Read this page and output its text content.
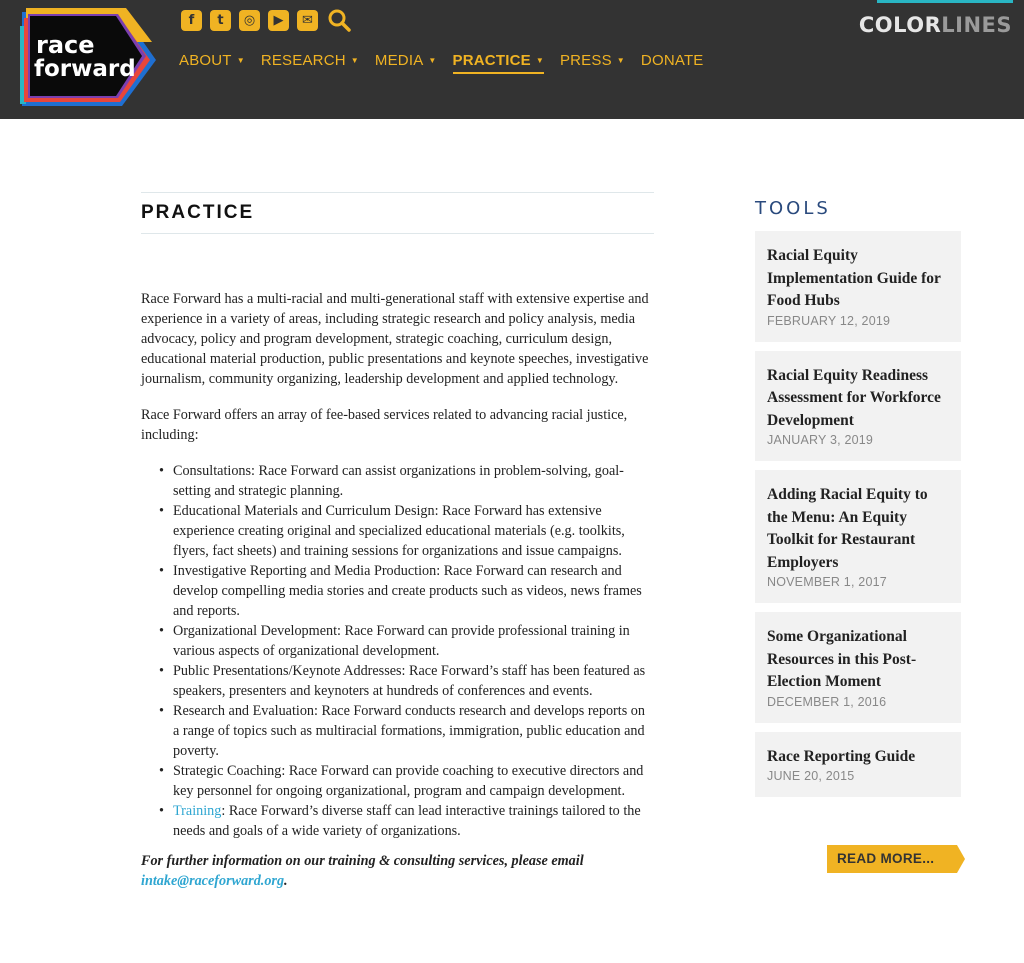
race
forward
f	t	◎	▶	✉
ABOUT ▼ RESEARCH ▼ MEDIA ▼ PRACTICE ▼ PRESS ▼ DONATE
COLORLINES
PRACTICE

Race Forward has a multi-racial and multi-generational staff with extensive expertise and experience in a variety of areas, including strategic research and policy analysis, media advocacy, policy and program development, strategic coaching, curriculum design, educational material production, public presentations and keynote speeches, investigative journalism, community organizing, leadership development and applied technology.

Race Forward offers an array of fee-based services related to advancing racial justice, including:

• Consultations: Race Forward can assist organizations in problem-solving, goal-setting and strategic planning.
• Educational Materials and Curriculum Design: Race Forward has extensive experience creating original and specialized educational materials (e.g. toolkits, flyers, fact sheets) and training sessions for organizations and issue campaigns.
• Investigative Reporting and Media Production: Race Forward can research and develop compelling media stories and create products such as videos, news frames and reports.
• Organizational Development: Race Forward can provide professional training in various aspects of organizational development.
• Public Presentations/Keynote Addresses: Race Forward’s staff has been featured as speakers, presenters and keynoters at hundreds of conferences and events.
• Research and Evaluation: Race Forward conducts research and develops reports on a range of topics such as multiracial formations, immigration, public education and poverty.
• Strategic Coaching: Race Forward can provide coaching to executive directors and key personnel for ongoing organizational, program and campaign development.
• Training: Race Forward’s diverse staff can lead interactive trainings tailored to the needs and goals of a wide variety of organizations.

For further information on our training & consulting services, please email intake@raceforward.org.

TOOLS
Racial Equity Implementation Guide for Food Hubs
FEBRUARY 12, 2019
Racial Equity Readiness Assessment for Workforce Development
JANUARY 3, 2019
Adding Racial Equity to the Menu: An Equity Toolkit for Restaurant Employers
NOVEMBER 1, 2017
Some Organizational Resources in this Post-Election Moment
DECEMBER 1, 2016
Race Reporting Guide
JUNE 20, 2015
READ MORE...
